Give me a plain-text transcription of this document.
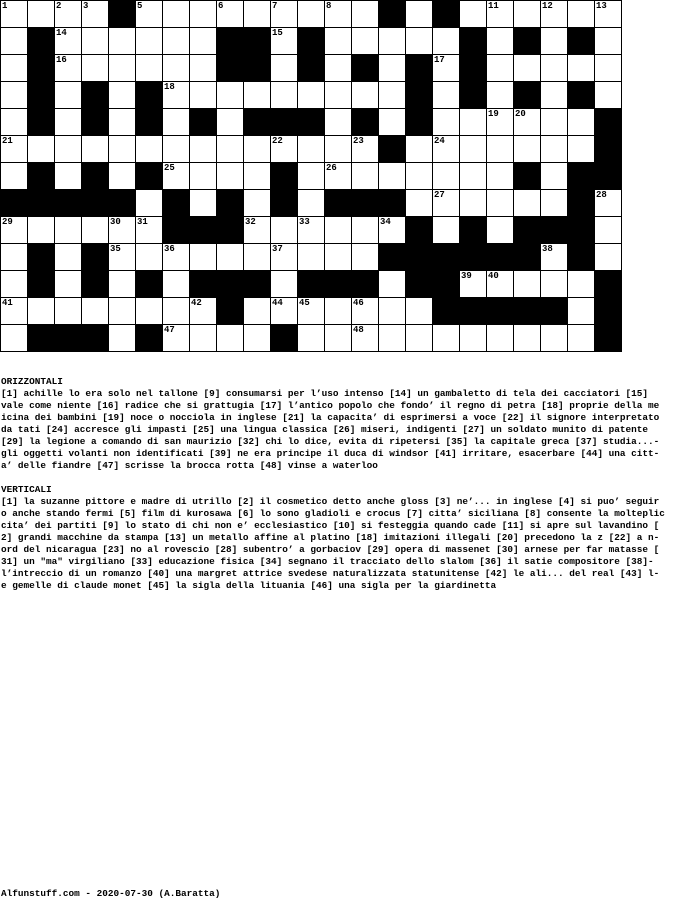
1	2 3	5	6	7	8	11	12	13
14	15
16	17
18
19 20
21	22	23	24
25	26
27	28
29	30 31	32	33	34
35	36	37	38
39 40
41	42	44 45	46
47	48
ORIZZONTALI
[1] achille lo era solo nel tallone [9] consumarsi per l’uso intenso [14] un gambaletto di tela dei cacciatori [15]
vale come niente [16] radice che si grattugia [17] l’antico popolo che fondo’ il regno di petra [18] proprie della me
icina dei bambini [19] noce o nocciola in inglese [21] la capacita’ di esprimersi a voce [22] il signore interpretato
da tati [24] accresce gli impasti [25] una lingua classica [26] miseri, indigenti [27] un soldato munito di patente
[29] la legione a comando di san maurizio [32] chi lo dice, evita di ripetersi [35] la capitale greca [37] studia...-
gli oggetti volanti non identificati [39] ne era principe il duca di windsor [41] irritare, esacerbare [44] una citt-
a’ delle fiandre [47] scrisse la brocca rotta [48] vinse a waterloo
VERTICALI
[1] la suzanne pittore e madre di utrillo [2] il cosmetico detto anche gloss [3] ne’... in inglese [4] si puo’ seguir
o anche stando fermi [5] film di kurosawa [6] lo sono gladioli e crocus [7] citta’ siciliana [8] consente la molteplic
cita’ dei partiti [9] lo stato di chi non e’ ecclesiastico [10] si festeggia quando cade [11] si apre sul lavandino [
2] grandi macchine da stampa [13] un metallo affine al platino [18] imitazioni illegali [20] precedono la z [22] a n-
ord del nicaragua [23] no al rovescio [28] subentro’ a gorbaciov [29] opera di massenet [30] arnese per far matasse [
31] un "ma" virgiliano [33] educazione fisica [34] segnano il tracciato dello slalom [36] il satie compositore [38]-
l’intreccio di un romanzo [40] una margret attrice svedese naturalizzata statunitense [42] le ali... del real [43] l-
e gemelle di claude monet [45] la sigla della lituania [46] una sigla per la giardinetta
Alfunstuff.com - 2020-07-30 (A.Baratta)
